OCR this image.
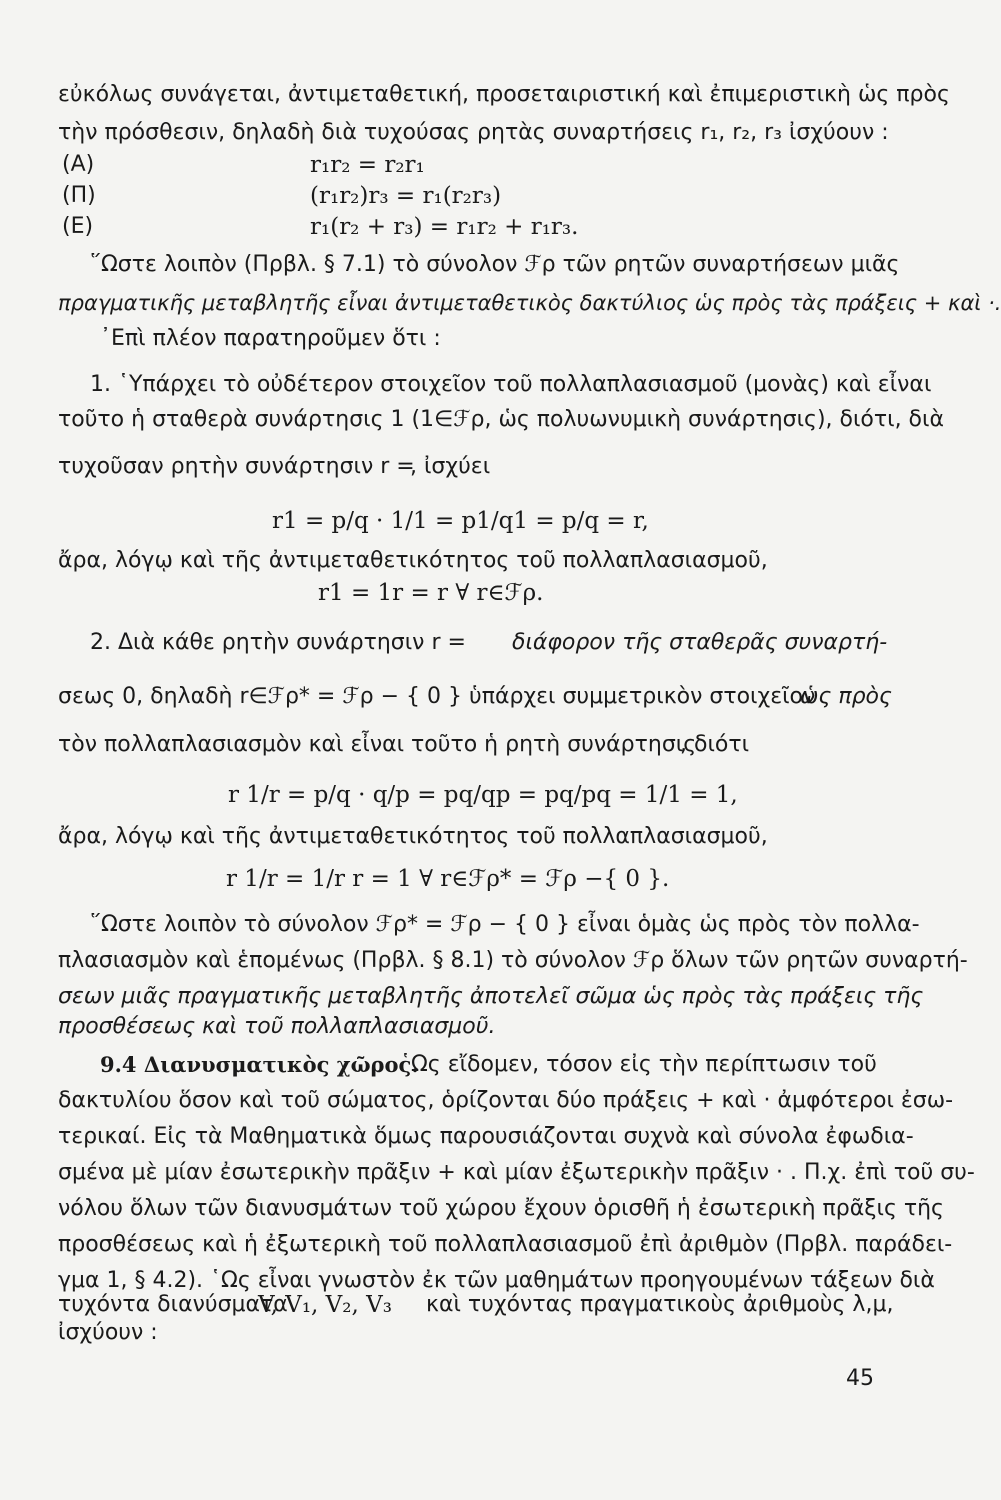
εὐκόλως συνάγεται, ἀντιμεταθετική, προσεταιριστική καὶ ἐπιμεριστικὴ ὡς πρὸς
τὴν πρόσθεσιν, δηλαδὴ διὰ τυχούσας ρητὰς συναρτήσεις r₁, r₂, r₃ ἰσχύουν :
(Α)	r₁r₂ = r₂r₁
(Π)	(r₁r₂)r₃ = r₁(r₂r₃)
(Ε)	r₁(r₂ + r₃) = r₁r₂ + r₁r₃.
῞Ωστε λοιπὸν (Πρβλ. § 7.1) τὸ σύνολον ℱρ τῶν ρητῶν συναρτήσεων μιᾶς
πραγματικῆς μεταβλητῆς εἶναι ἀντιμεταθετικὸς δακτύλιος ὡς πρὸς τὰς πράξεις + καὶ ·.
᾿Επὶ πλέον παρατηροῦμεν ὅτι :
1. ῾Υπάρχει τὸ οὐδέτερον στοιχεῖον τοῦ πολλαπλασιασμοῦ (μονὰς) καὶ εἶναι
τοῦτο ἡ σταθερὰ συνάρτησις 1 (1∈ℱρ, ὡς πολυωνυμικὴ συνάρτησις), διότι, διὰ
τυχοῦσαν ρητὴν συνάρτησιν r =
, ἰσχύει
r1 = p/q · 1/1 = p1/q1 = p/q = r,
ἄρα, λόγῳ καὶ τῆς ἀντιμεταθετικότητος τοῦ πολλαπλασιασμοῦ,
r1 = 1r = r ∀ r∈ℱρ.
2. Διὰ κάθε ρητὴν συνάρτησιν r =	διάφορον τῆς σταθερᾶς συναρτή-
σεως 0, δηλαδὴ r∈ℱρ* = ℱρ − { 0 } ὑπάρχει συμμετρικὸν στοιχεῖον
ὡς πρὸς
τὸν πολλαπλασιασμὸν καὶ εἶναι τοῦτο ἡ ρητὴ συνάρτησις
, διότι
r 1/r = p/q · q/p = pq/qp = pq/pq = 1/1 = 1,
ἄρα, λόγῳ καὶ τῆς ἀντιμεταθετικότητος τοῦ πολλαπλασιασμοῦ,
r 1/r = 1/r r = 1 ∀ r∈ℱρ* = ℱρ −{ 0 }.
῞Ωστε λοιπὸν τὸ σύνολον ℱρ* = ℱρ − { 0 } εἶναι ὁμὰς ὡς πρὸς τὸν πολλα-
πλασιασμὸν καὶ ἑπομένως (Πρβλ. § 8.1) τὸ σύνολον ℱρ ὅλων τῶν ρητῶν συναρτή-
σεων μιᾶς πραγματικῆς μεταβλητῆς ἀποτελεῖ σῶμα ὡς πρὸς τὰς πράξεις τῆς
προσθέσεως καὶ τοῦ πολλαπλασιασμοῦ.
9.4 Διανυσματικὸς χῶρος.
῾Ως εἴδομεν, τόσον εἰς τὴν περίπτωσιν τοῦ
δακτυλίου ὅσον καὶ τοῦ σώματος, ὁρίζονται δύο πράξεις + καὶ · ἀμφότεροι ἐσω-
τερικαί. Εἰς τὰ Μαθηματικὰ ὅμως παρουσιάζονται συχνὰ καὶ σύνολα ἐφωδια-
σμένα μὲ μίαν ἐσωτερικὴν πρᾶξιν + καὶ μίαν ἐξωτερικὴν πρᾶξιν · . Π.χ. ἐπὶ τοῦ συ-
νόλου ὅλων τῶν διανυσμάτων τοῦ χώρου ἔχουν ὁρισθῆ ἡ ἐσωτερικὴ πρᾶξις τῆς
προσθέσεως καὶ ἡ ἐξωτερικὴ τοῦ πολλαπλασιασμοῦ ἐπὶ ἀριθμὸν (Πρβλ. παράδει-
γμα 1, § 4.2). ῾Ως εἶναι γνωστὸν ἐκ τῶν μαθημάτων προηγουμένων τάξεων διὰ
τυχόντα διανύσματα
V, V₁, V₂, V₃ καὶ τυχόντας πραγματικοὺς ἀριθμοὺς λ,μ,
ἰσχύουν :
45
